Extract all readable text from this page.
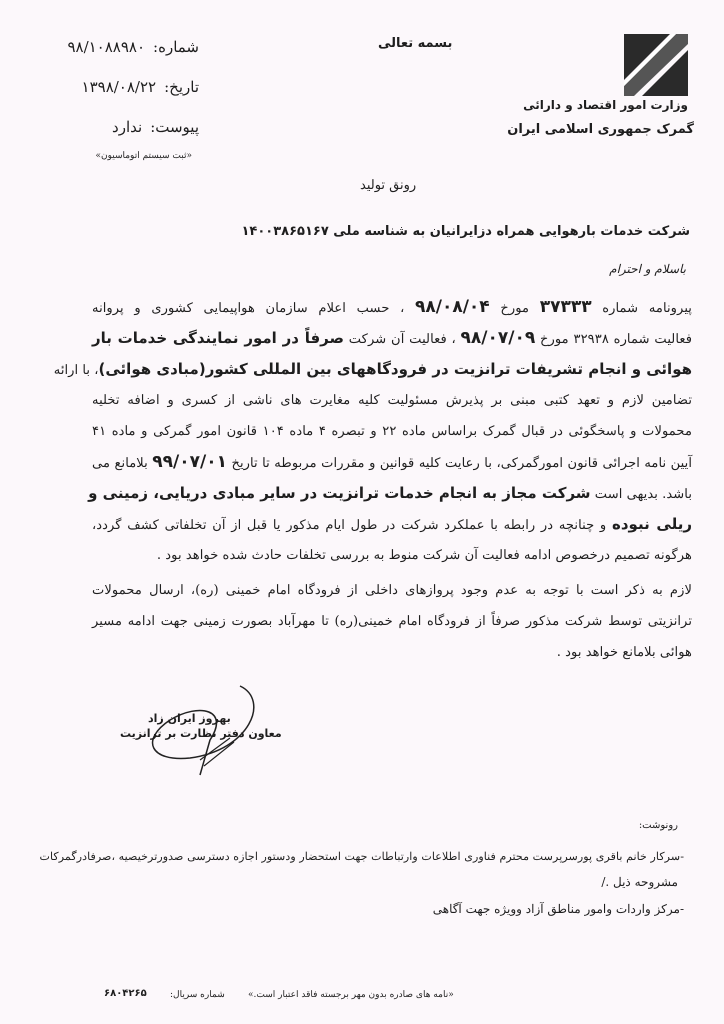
وزارت امور اقتصاد و دارائی
گمرک جمهوری اسلامی ایران
بسمه تعالی
شماره:۹۸/۱۰۸۸۹۸۰
تاریخ:۱۳۹۸/۰۸/۲۲
پیوست:ندارد
«ثبت سیستم اتوماسیون»
رونق تولید
شرکت خدمات بارهوایی همراه دزایرانیان به شناسه ملی ۱۴۰۰۳۸۶۵۱۶۷
باسلام و احترام
پیرونامه شماره ۳۷۳۳۳ مورخ ۹۸/۰۸/۰۴ ، حسب اعلام سازمان هواپیمایی کشوری و پروانه
فعالیت شماره ۳۲۹۳۸ مورخ ۹۸/۰۷/۰۹ ، فعالیت آن شرکت صرفاً در امور نمایندگی خدمات بار
هوائی و انجام تشریفات ترانزیت در فرودگاههای بین المللی کشور(مبادی هوائی)، با ارائه
تضامین لازم و تعهد کتبی مبنی بر پذیرش مسئولیت کلیه مغایرت های ناشی از کسری و اضافه تخلیه
محمولات و پاسخگوئی در قبال گمرک براساس ماده ۲۲ و تبصره ۴ ماده ۱۰۴ قانون امور گمرکی و ماده ۴۱
آیین نامه اجرائی قانون امورگمرکی، با رعایت کلیه قوانین و مقررات مربوطه تا تاریخ ۹۹/۰۷/۰۱ بلامانع می
باشد. بدیهی است شرکت مجاز به انجام خدمات ترانزیت در سایر مبادی دریایی، زمینی و
ریلی نبوده و چنانچه در رابطه با عملکرد شرکت در طول ایام مذکور یا قبل از آن تخلفاتی کشف گردد،
هرگونه تصمیم درخصوص ادامه فعالیت آن شرکت منوط به بررسی تخلفات حادث شده خواهد بود .
لازم به ذکر است با توجه به عدم وجود پروازهای داخلی از فرودگاه امام خمینی (ره)، ارسال محمولات
ترانزیتی توسط شرکت مذکور صرفاً از فرودگاه امام خمینی(ره) تا مهرآباد بصورت زمینی جهت ادامه مسیر
هوائی بلامانع خواهد بود .
بهروز ایران زاد
معاون دفتر نظارت بر ترانزیت
رونوشت:
-سرکار خانم باقری پورسرپرست محترم فناوری اطلاعات وارتباطات جهت استحضار ودستور اجازه دسترسی صدورترخیصیه ،صرفادرگمرکات
مشروحه ذیل ./
-مرکز واردات وامور مناطق آزاد وویژه جهت آگاهی
«نامه های صادره بدون مهر برجسته فاقد اعتبار است.»
شماره سریال:
۶۸۰۴۲۶۵
